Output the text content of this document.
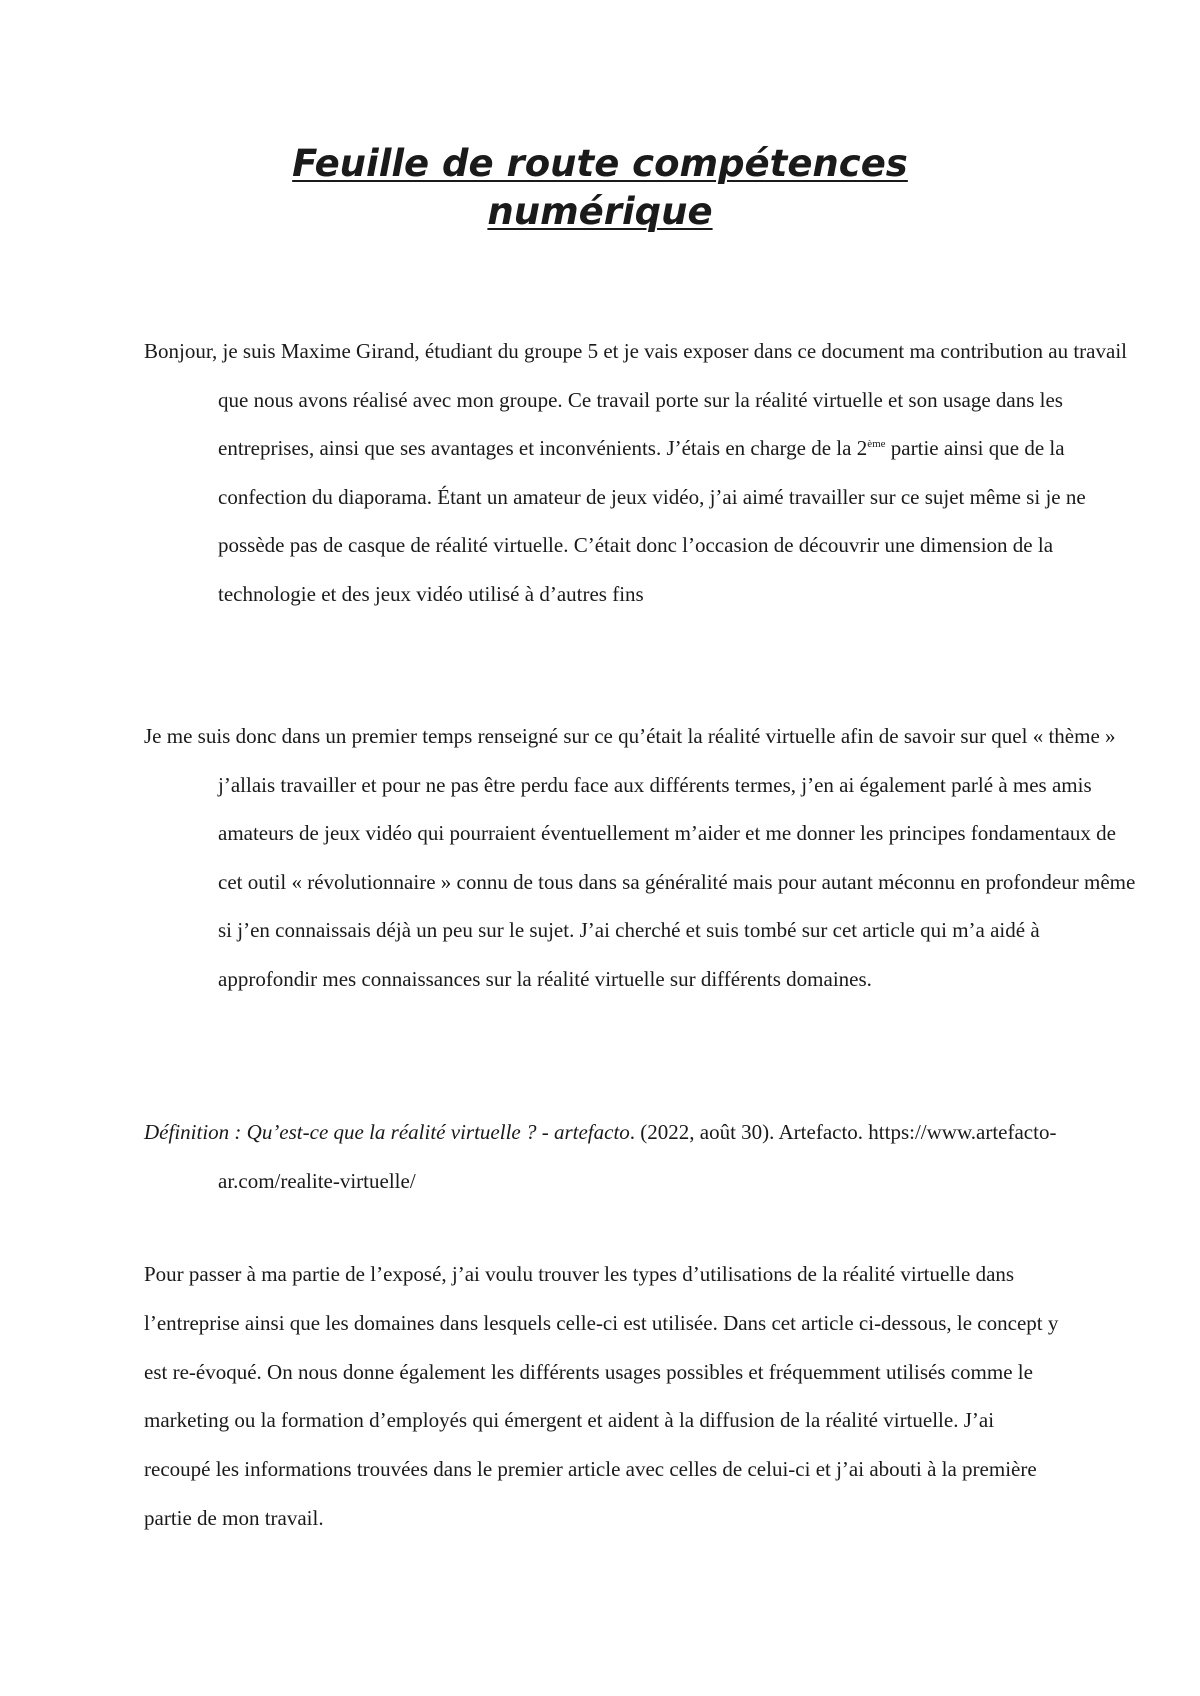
Feuille de route compétences
numérique

Bonjour, je suis Maxime Girand, étudiant du groupe 5 et je vais exposer dans ce document ma contribution au travail que nous avons réalisé avec mon groupe. Ce travail porte sur la réalité virtuelle et son usage dans les entreprises, ainsi que ses avantages et inconvénients. J’étais en charge de la 2ème partie ainsi que de la confection du diaporama. Étant un amateur de jeux vidéo, j’ai aimé travailler sur ce sujet même si je ne possède pas de casque de réalité virtuelle. C’était donc l’occasion de découvrir une dimension de la technologie et des jeux vidéo utilisé à d’autres fins

Je me suis donc dans un premier temps renseigné sur ce qu’était la réalité virtuelle afin de savoir sur quel « thème » j’allais travailler et pour ne pas être perdu face aux différents termes, j’en ai également parlé à mes amis amateurs de jeux vidéo qui pourraient éventuellement m’aider et me donner les principes fondamentaux de cet outil « révolutionnaire » connu de tous dans sa généralité mais pour autant méconnu en profondeur même si j’en connaissais déjà un peu sur le sujet. J’ai cherché et suis tombé sur cet article qui m’a aidé à approfondir mes connaissances sur la réalité virtuelle sur différents domaines.

Définition : Qu’est-ce que la réalité virtuelle ? - artefacto. (2022, août 30). Artefacto. https://www.artefacto-ar.com/realite-virtuelle/

Pour passer à ma partie de l’exposé, j’ai voulu trouver les types d’utilisations de la réalité virtuelle dans l’entreprise ainsi que les domaines dans lesquels celle-ci est utilisée. Dans cet article ci-dessous, le concept y est re-évoqué. On nous donne également les différents usages possibles et fréquemment utilisés comme le marketing ou la formation d’employés qui émergent et aident à la diffusion de la réalité virtuelle. J’ai recoupé les informations trouvées dans le premier article avec celles de celui-ci et j’ai abouti à la première partie de mon travail.
